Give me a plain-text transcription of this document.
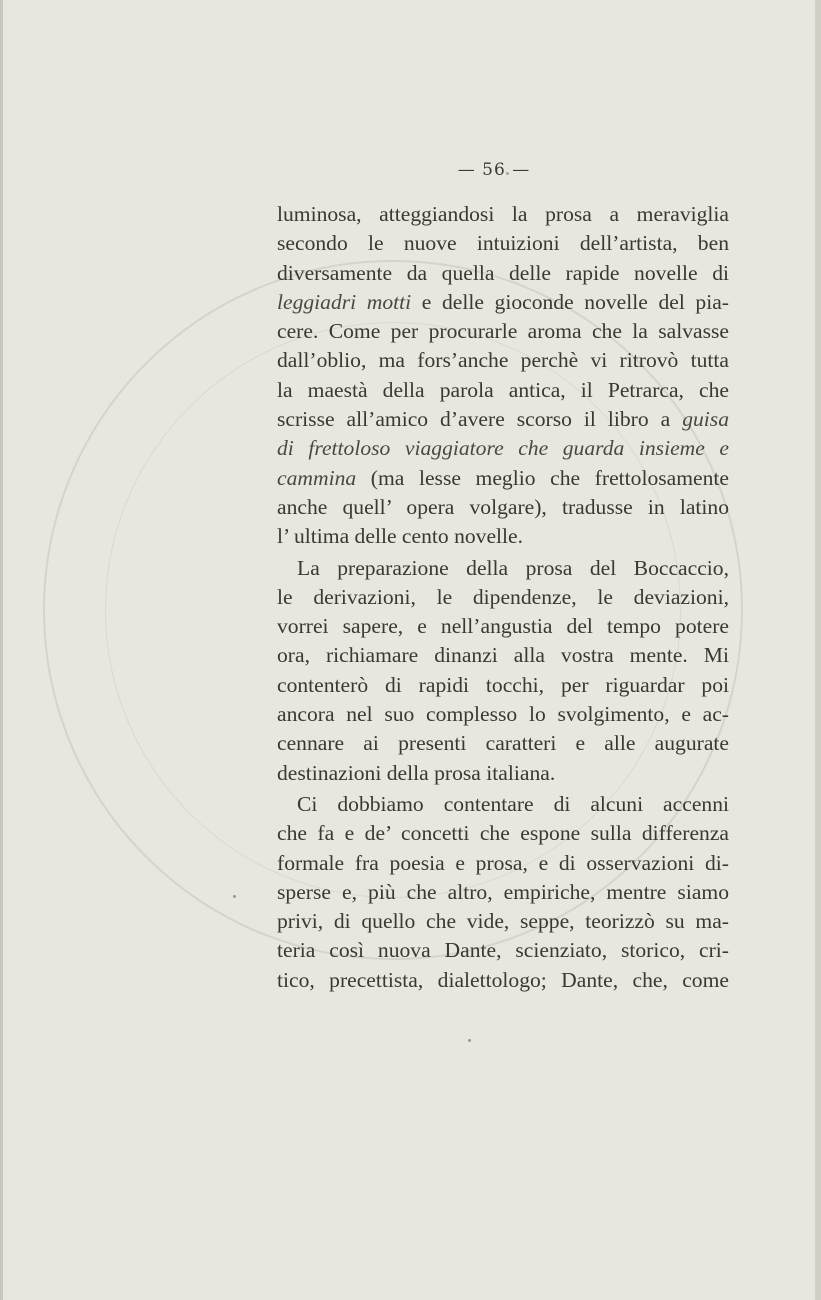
— 56 —
luminosa, atteggiandosi la prosa a meraviglia
secondo le nuove intuizioni dell’artista, ben
diversamente da quella delle rapide novelle di
leggiadri motti e delle gioconde novelle del pia-
cere. Come per procurarle aroma che la salvasse
dall’oblio, ma fors’anche perchè vi ritrovò tutta
la maestà della parola antica, il Petrarca, che
scrisse all’amico d’avere scorso il libro a guisa
di frettoloso viaggiatore che guarda insieme e
cammina (ma lesse meglio che frettolosamente
anche quell’ opera volgare), tradusse in latino
l’ ultima delle cento novelle.
La preparazione della prosa del Boccaccio,
le derivazioni, le dipendenze, le deviazioni,
vorrei sapere, e nell’angustia del tempo potere
ora, richiamare dinanzi alla vostra mente. Mi
contenterò di rapidi tocchi, per riguardar poi
ancora nel suo complesso lo svolgimento, e ac-
cennare ai presenti caratteri e alle augurate
destinazioni della prosa italiana.
Ci dobbiamo contentare di alcuni accenni
che fa e de’ concetti che espone sulla differenza
formale fra poesia e prosa, e di osservazioni di-
sperse e, più che altro, empiriche, mentre siamo
privi, di quello che vide, seppe, teorizzò su ma-
teria così nuova Dante, scienziato, storico, cri-
tico, precettista, dialettologo; Dante, che, come
